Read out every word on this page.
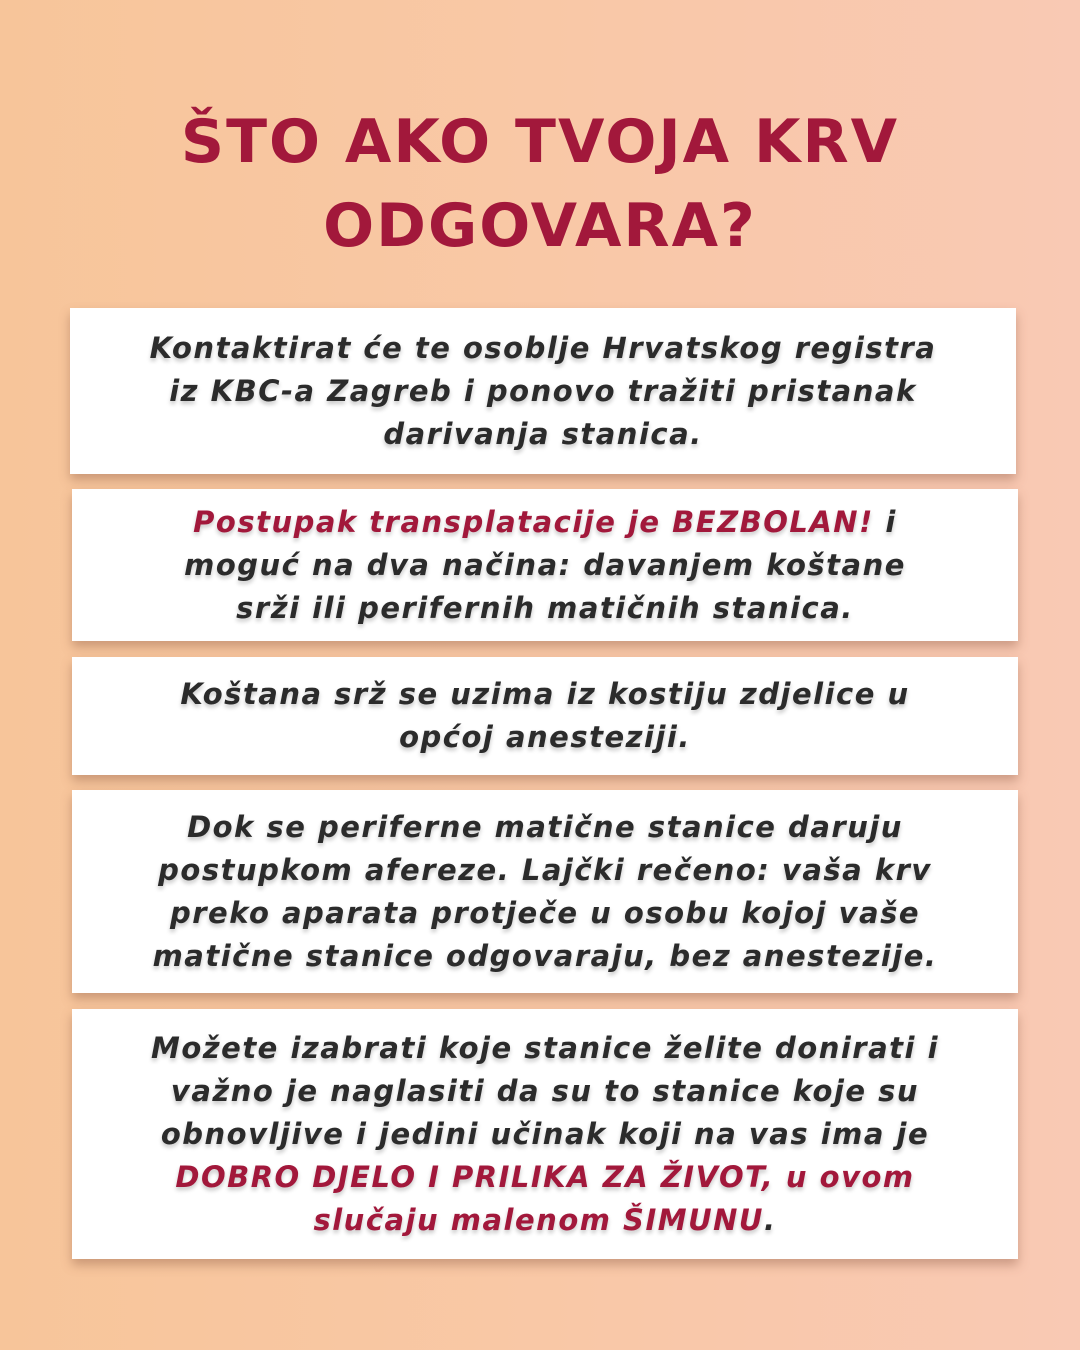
ŠTO AKO TVOJA KRV
ODGOVARA?

Kontaktirat će te osoblje Hrvatskog registra
iz KBC-a Zagreb i ponovo tražiti pristanak
darivanja stanica.

Postupak transplatacije je BEZBOLAN! i
moguć na dva načina: davanjem koštane
srži ili perifernih matičnih stanica.

Koštana srž se uzima iz kostiju zdjelice u
općoj anesteziji.

Dok se periferne matične stanice daruju
postupkom afereze. Lajčki rečeno: vaša krv
preko aparata protječe u osobu kojoj vaše
matične stanice odgovaraju, bez anestezije.

Možete izabrati koje stanice želite donirati i
važno je naglasiti da su to stanice koje su
obnovljive i jedini učinak koji na vas ima je
DOBRO DJELO I PRILIKA ZA ŽIVOT, u ovom
slučaju malenom ŠIMUNU.
